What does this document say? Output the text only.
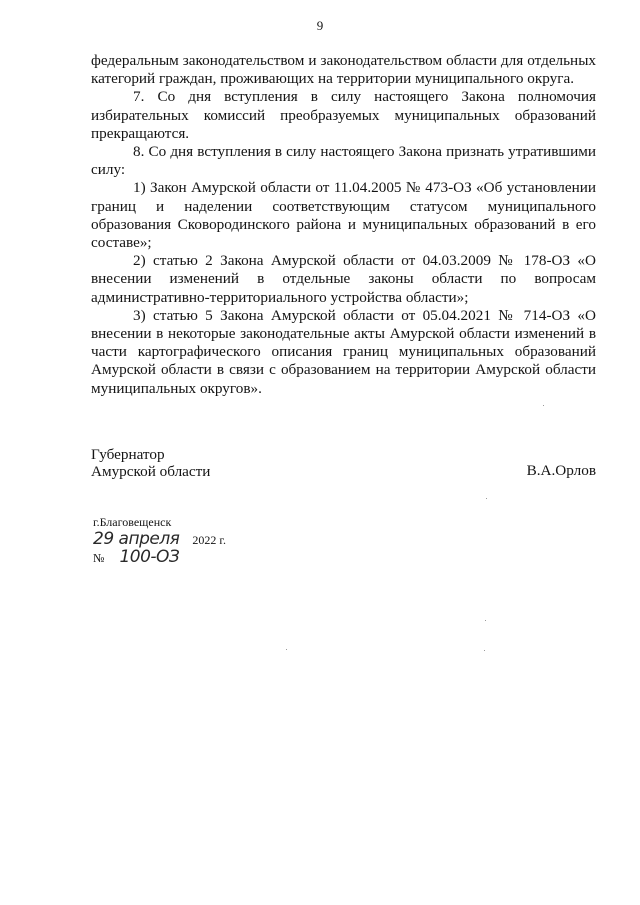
9

федеральным законодательством и законодательством области для отдельных категорий граждан, проживающих на территории муниципального округа.

7. Со дня вступления в силу настоящего Закона полномочия избирательных комиссий преобразуемых муниципальных образований прекращаются.

8. Со дня вступления в силу настоящего Закона признать утратившими силу:

1) Закон Амурской области от 11.04.2005 № 473-ОЗ «Об установлении границ и наделении соответствующим статусом муниципального образования Сковородинского района и муниципальных образований в его составе»;

2) статью 2 Закона Амурской области от 04.03.2009 № 178-ОЗ «О внесении изменений в отдельные законы области по вопросам административно-территориального устройства области»;

3) статью 5 Закона Амурской области от 05.04.2021 № 714-ОЗ «О внесении в некоторые законодательные акты Амурской области изменений в части картографического описания границ муниципальных образований Амурской области в связи с образованием на территории Амурской области муниципальных округов».

Губернатор
Амурской области	В.А.Орлов
г.Благовещенск
29 апреля 2022 г.
№ 100-ОЗ
